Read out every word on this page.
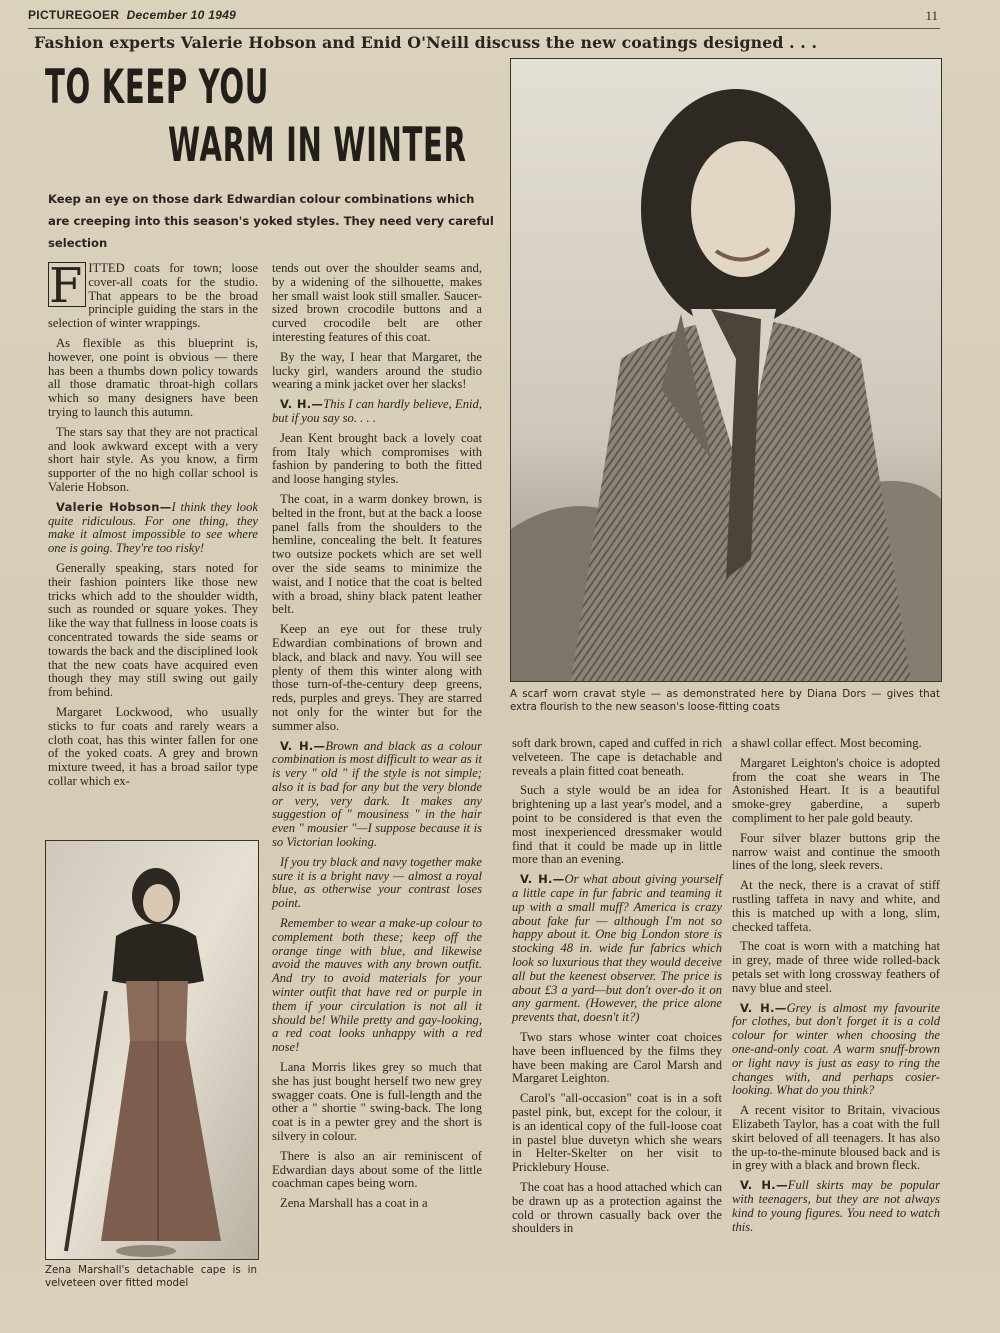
PICTUREGOER December 10 1949	11
Fashion experts Valerie Hobson and Enid O'Neill discuss the new coatings designed . . .
TO KEEP YOU
WARM IN WINTER
Keep an eye on those dark Edwardian colour combinations which are creeping into this season's yoked styles. They need very careful selection

F ITTED coats for town; loose cover-all coats for the studio. That appears to be the broad principle guiding the stars in the selection of winter wrappings.

As flexible as this blueprint is, however, one point is obvious — there has been a thumbs down policy towards all those dramatic throat-high collars which so many designers have been trying to launch this autumn.

The stars say that they are not practical and look awkward except with a very short hair style. As you know, a firm supporter of the no high collar school is Valerie Hobson.

Valerie Hobson—I think they look quite ridiculous. For one thing, they make it almost impossible to see where one is going. They're too risky!

Generally speaking, stars noted for their fashion pointers like those new tricks which add to the shoulder width, such as rounded or square yokes. They like the way that fullness in loose coats is concentrated towards the side seams or towards the back and the disciplined look that the new coats have acquired even though they may still swing out gaily from behind.

Margaret Lockwood, who usually sticks to fur coats and rarely wears a cloth coat, has this winter fallen for one of the yoked coats. A grey and brown mixture tweed, it has a broad sailor type collar which ex-

Zena Marshall's detachable cape is in velveteen over fitted model

tends out over the shoulder seams and, by a widening of the silhouette, makes her small waist look still smaller. Saucer-sized brown crocodile buttons and a curved crocodile belt are other interesting features of this coat.

By the way, I hear that Margaret, the lucky girl, wanders around the studio wearing a mink jacket over her slacks!

V. H.—This I can hardly believe, Enid, but if you say so. . . .

Jean Kent brought back a lovely coat from Italy which compromises with fashion by pandering to both the fitted and loose hanging styles.

The coat, in a warm donkey brown, is belted in the front, but at the back a loose panel falls from the shoulders to the hemline, concealing the belt. It features two outsize pockets which are set well over the side seams to minimize the waist, and I notice that the coat is belted with a broad, shiny black patent leather belt.

Keep an eye out for these truly Edwardian combinations of brown and black, and black and navy. You will see plenty of them this winter along with those turn-of-the-century deep greens, reds, purples and greys. They are starred not only for the winter but for the summer also.

V. H.—Brown and black as a colour combination is most difficult to wear as it is very " old " if the style is not simple; also it is bad for any but the very blonde or very, very dark. It makes any suggestion of " mousiness " in the hair even " mousier "—I suppose because it is so Victorian looking.

If you try black and navy together make sure it is a bright navy — almost a royal blue, as otherwise your contrast loses point.

Remember to wear a make-up colour to complement both these; keep off the orange tinge with blue, and likewise avoid the mauves with any brown outfit. And try to avoid materials for your winter outfit that have red or purple in them if your circulation is not all it should be! While pretty and gay-looking, a red coat looks unhappy with a red nose!

Lana Morris likes grey so much that she has just bought herself two new grey swagger coats. One is full-length and the other a " shortie " swing-back. The long coat is in a pewter grey and the short is silvery in colour.

There is also an air reminiscent of Edwardian days about some of the little coachman capes being worn.

Zena Marshall has a coat in a

A scarf worn cravat style — as demonstrated here by Diana Dors — gives that extra flourish to the new season's loose-fitting coats

soft dark brown, caped and cuffed in rich velveteen. The cape is detachable and reveals a plain fitted coat beneath.

Such a style would be an idea for brightening up a last year's model, and a point to be considered is that even the most inexperienced dressmaker would find that it could be made up in little more than an evening.

V. H.—Or what about giving yourself a little cape in fur fabric and teaming it up with a small muff? America is crazy about fake fur — although I'm not so happy about it. One big London store is stocking 48 in. wide fur fabrics which look so luxurious that they would deceive all but the keenest observer. The price is about £3 a yard—but don't over-do it on any garment. (However, the price alone prevents that, doesn't it?)

Two stars whose winter coat choices have been influenced by the films they have been making are Carol Marsh and Margaret Leighton.

Carol's "all-occasion" coat is in a soft pastel pink, but, except for the colour, it is an identical copy of the full-loose coat in pastel blue duvetyn which she wears in Helter-Skelter on her visit to Pricklebury House.

The coat has a hood attached which can be drawn up as a protection against the cold or thrown casually back over the shoulders in

a shawl collar effect. Most becoming.

Margaret Leighton's choice is adopted from the coat she wears in The Astonished Heart. It is a beautiful smoke-grey gaberdine, a superb compliment to her pale gold beauty.

Four silver blazer buttons grip the narrow waist and continue the smooth lines of the long, sleek revers.

At the neck, there is a cravat of stiff rustling taffeta in navy and white, and this is matched up with a long, slim, checked taffeta.

The coat is worn with a matching hat in grey, made of three wide rolled-back petals set with long crossway feathers of navy blue and steel.

V. H.—Grey is almost my favourite for clothes, but don't forget it is a cold colour for winter when choosing the one-and-only coat. A warm snuff-brown or light navy is just as easy to ring the changes with, and perhaps cosier-looking. What do you think?

A recent visitor to Britain, vivacious Elizabeth Taylor, has a coat with the full skirt beloved of all teenagers. It has also the up-to-the-minute bloused back and is in grey with a black and brown fleck.

V. H.—Full skirts may be popular with teenagers, but they are not always kind to young figures. You need to watch this.
